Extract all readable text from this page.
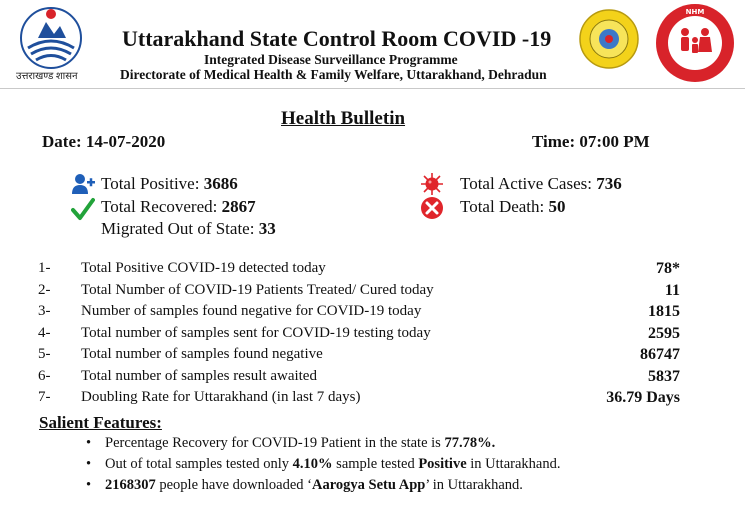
उत्तराखण्ड शासन
Uttarakhand State Control Room COVID -19
Integrated Disease Surveillance Programme
Directorate of Medical Health & Family Welfare, Uttarakhand, Dehradun
NHM
Health Bulletin
Date: 14-07-2020	Time: 07:00 PM
Total Positive: 3686
Total Recovered: 2867
Migrated Out of State: 33
Total Active Cases: 736
Total Death: 50
1- Total Positive COVID-19 detected today	78*
2- Total Number of COVID-19 Patients Treated/ Cured today	11
3- Number of samples found negative for COVID-19 today	1815
4- Total number of samples sent for COVID-19 testing today	2595
5- Total number of samples found negative	86747
6- Total number of samples result awaited	5837
7- Doubling Rate for Uttarakhand (in last 7 days)	36.79 Days
Salient Features:
• Percentage Recovery for COVID-19 Patient in the state is 77.78%.
• Out of total samples tested only 4.10% sample tested Positive in Uttarakhand.
• 2168307 people have downloaded ‘Aarogya Setu App’ in Uttarakhand.
